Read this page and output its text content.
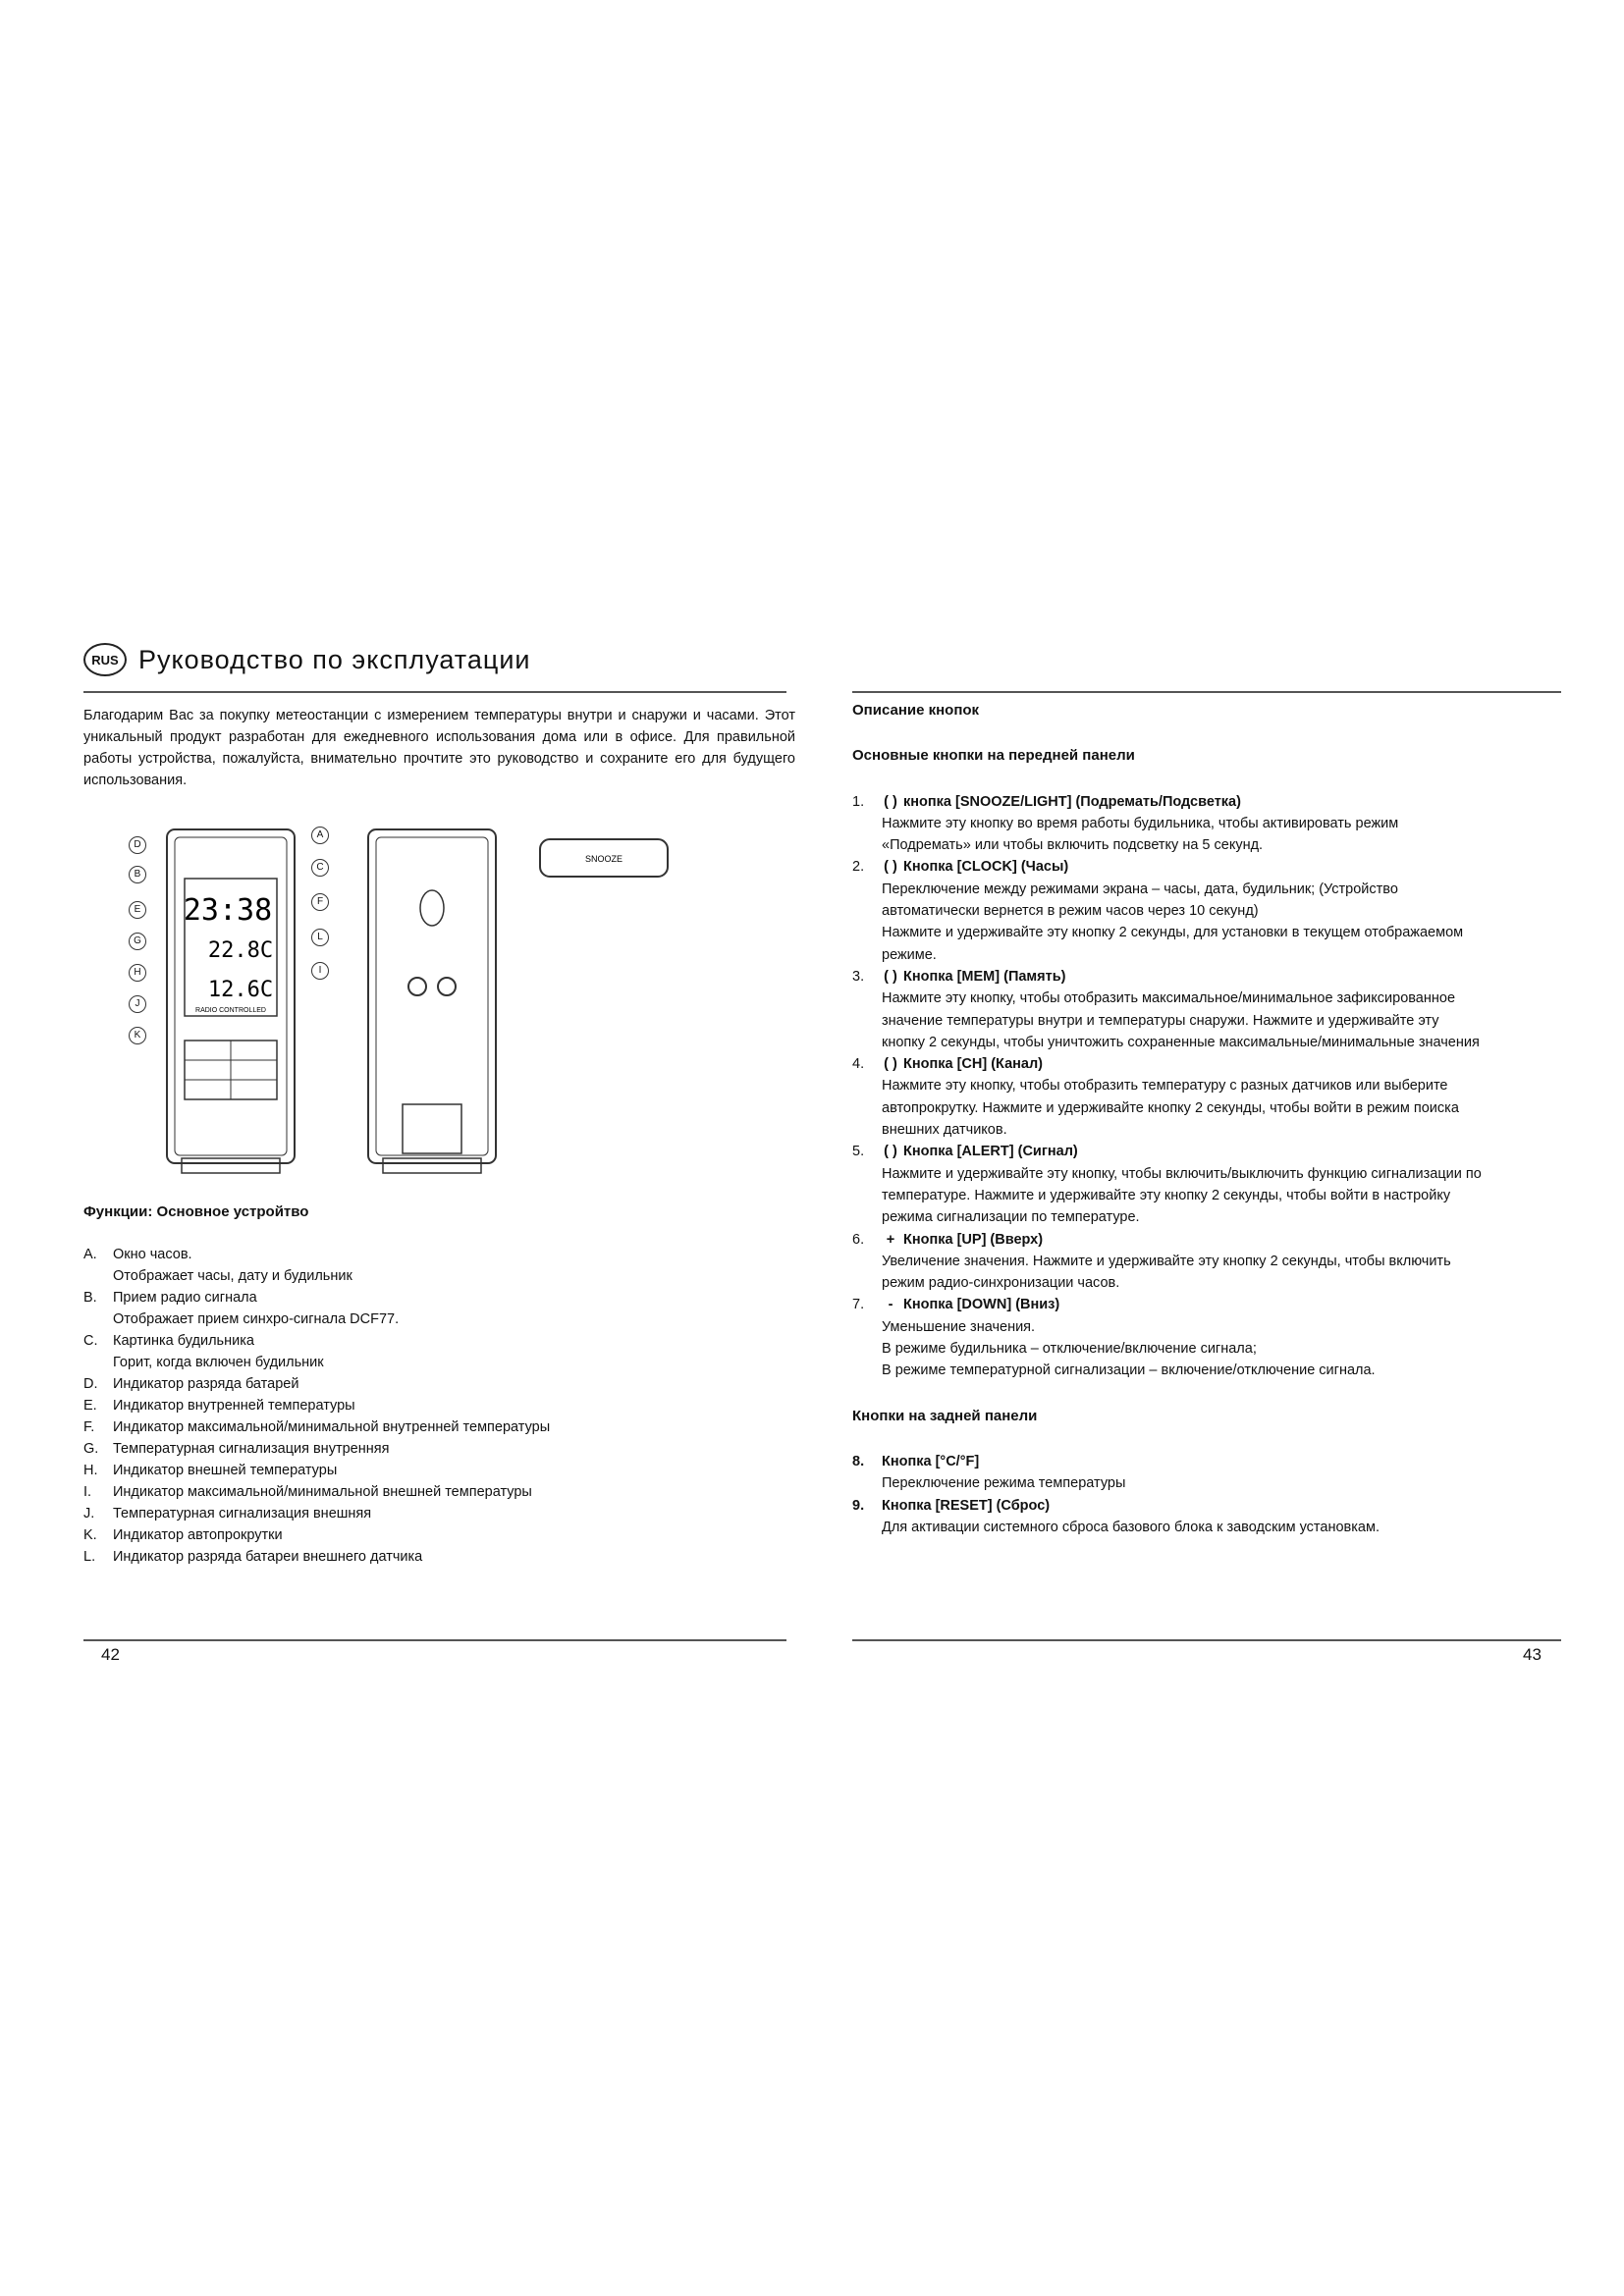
RUS Руководство по эксплуатации
Благодарим Вас за покупку метеостанции с измерением температуры внутри и снаружи и часами. Этот уникальный продукт разработан для ежедневного использования дома или в офисе. Для правильной работы устройства, пожалуйста, внимательно прочтите это руководство и сохраните его для будущего использования.
23:38
22.8C
12.6C
RADIO CONTROLLED
SNOOZE
D
B
E
G
H
J
K
A
C
F
L
I
Функции: Основное устройтво
A.	Окно часов.
Отображает часы, дату и будильник
B.	Прием радио сигнала
Отображает прием синхро-сигнала DCF77.
C.	Картинка будильника
Горит, когда включен будильник
D.	Индикатор разряда батарей
E.	Индикатор внутренней температуры
F.	Индикатор максимальной/минимальной внутренней температуры
G.	Температурная сигнализация внутренняя
H.	Индикатор внешней температуры
I.	Индикатор максимальной/минимальной внешней температуры
J.	Температурная сигнализация внешняя
K.	Индикатор автопрокрутки
L.	Индикатор разряда батареи внешнего датчика
Описание кнопок
Основные кнопки на передней панели
1.	( ) кнопка [SNOOZE/LIGHT] (Подремать/Подсветка)
Нажмите эту кнопку во время работы будильника, чтобы активировать режим
«Подремать» или чтобы включить подсветку на 5 секунд.
2.	( ) Кнопка [CLOCK] (Часы)
Переключение между режимами экрана – часы, дата, будильник; (Устройство
автоматически вернется в режим часов через 10 секунд)
Нажмите и удерживайте эту кнопку 2 секунды, для установки в текущем отображаемом
режиме.
3.	( ) Кнопка [MEM] (Память)
Нажмите эту кнопку, чтобы отобразить максимальное/минимальное зафиксированное
значение температуры внутри и температуры снаружи. Нажмите и удерживайте эту
кнопку 2 секунды, чтобы уничтожить сохраненные максимальные/минимальные значения
4.	( ) Кнопка [CH] (Канал)
Нажмите эту кнопку, чтобы отобразить температуру с разных датчиков или выберите
автопрокрутку. Нажмите и удерживайте кнопку 2 секунды, чтобы войти в режим поиска
внешних датчиков.
5.	( ) Кнопка [ALERT] (Сигнал)
Нажмите и удерживайте эту кнопку, чтобы включить/выключить функцию сигнализации по
температуре. Нажмите и удерживайте эту кнопку 2 секунды, чтобы войти в настройку
режима сигнализации по температуре.
6.	+ Кнопка [UP] (Вверх)
Увеличение значения. Нажмите и удерживайте эту кнопку 2 секунды, чтобы включить
режим радио-синхронизации часов.
7.	- Кнопка [DOWN] (Вниз)
Уменьшение значения.
В режиме будильника – отключение/включение сигнала;
В режиме температурной сигнализации – включение/отключение сигнала.
Кнопки на задней панели
8.	Кнопка [°C/°F]
Переключение режима температуры
9.	Кнопка [RESET] (Сброс)
Для активации системного сброса базового блока к заводским установкам.
42	43
